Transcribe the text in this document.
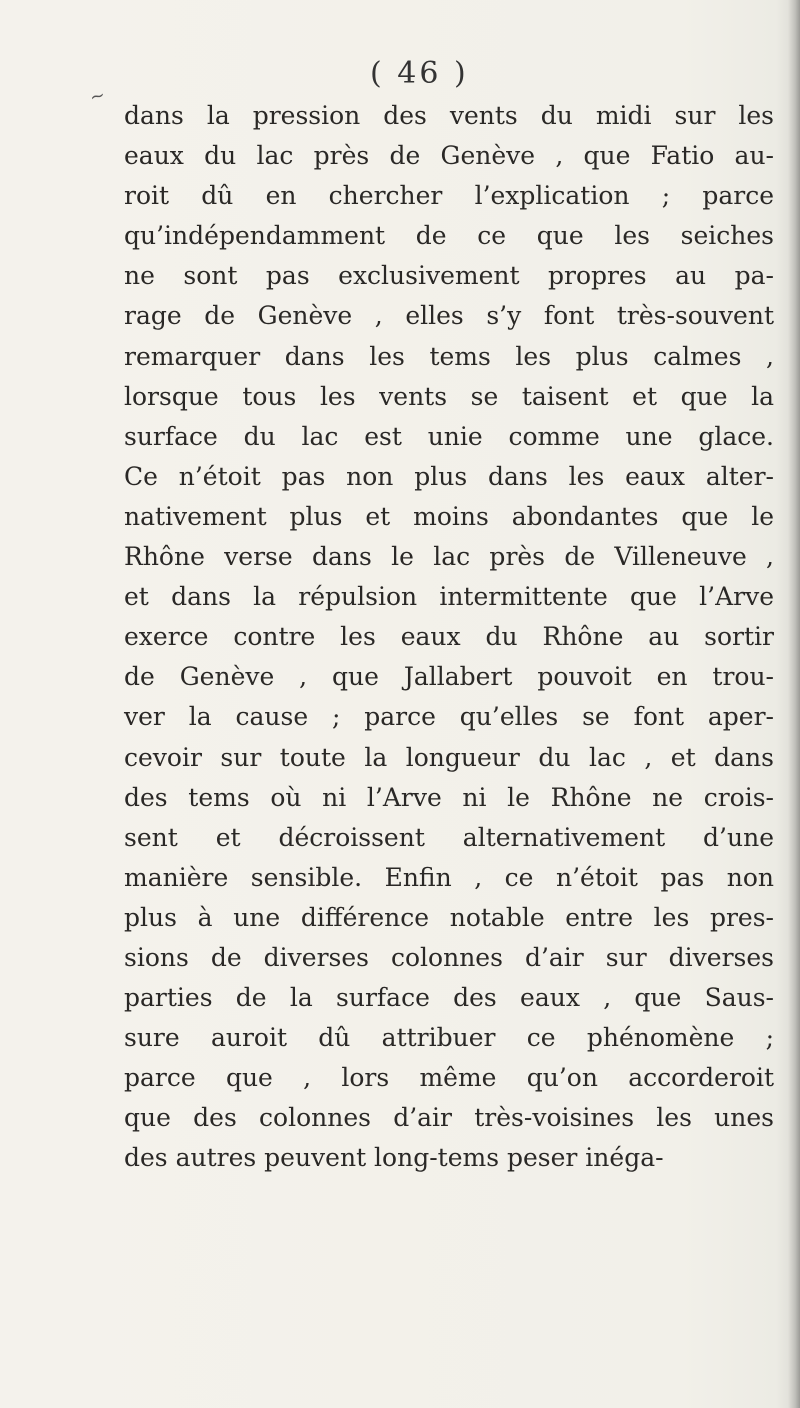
~
( 46 )
dans la pression des vents du midi sur les
eaux du lac près de Genève , que Fatio au-
roit dû en chercher l’explication ; parce
qu’indépendamment de ce que les seiches
ne sont pas exclusivement propres au pa-
rage de Genève , elles s’y font très-souvent
remarquer dans les tems les plus calmes ,
lorsque tous les vents se taisent et que la
surface du lac est unie comme une glace.
Ce n’étoit pas non plus dans les eaux alter-
nativement plus et moins abondantes que le
Rhône verse dans le lac près de Villeneuve ,
et dans la répulsion intermittente que l’Arve
exerce contre les eaux du Rhône au sortir
de Genève , que Jallabert pouvoit en trou-
ver la cause ; parce qu’elles se font aper-
cevoir sur toute la longueur du lac , et dans
des tems où ni l’Arve ni le Rhône ne crois-
sent et décroissent alternativement d’une
manière sensible. Enfin , ce n’étoit pas non
plus à une différence notable entre les pres-
sions de diverses colonnes d’air sur diverses
parties de la surface des eaux , que Saus-
sure auroit dû attribuer ce phénomène ;
parce que , lors même qu’on accorderoit
que des colonnes d’air très-voisines les unes
des autres peuvent long-tems peser inéga-
